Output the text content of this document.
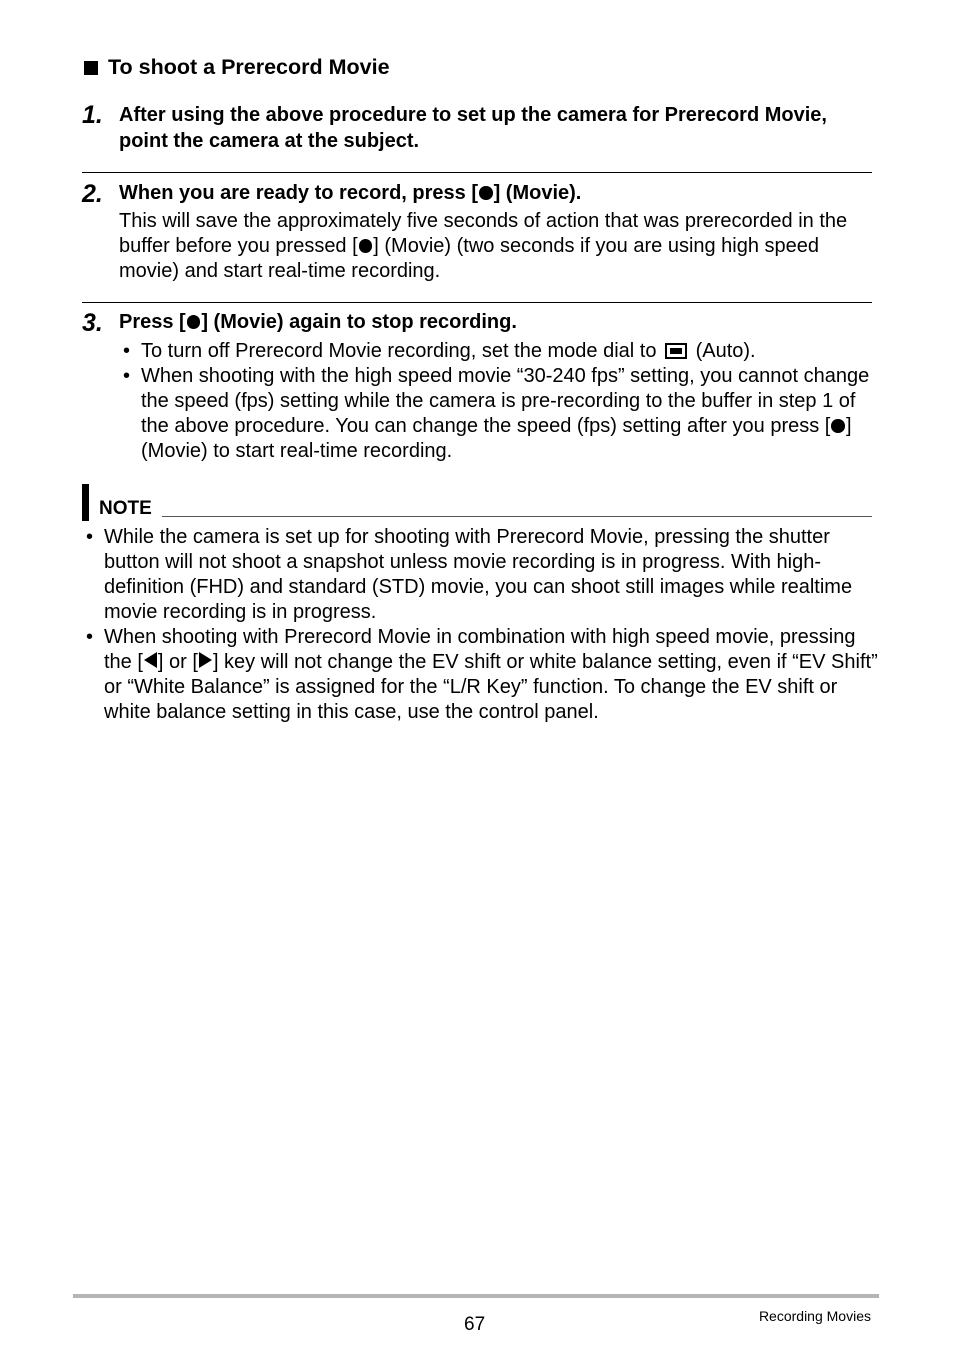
To shoot a Prerecord Movie
1. After using the above procedure to set up the camera for Prerecord Movie, point the camera at the subject.
2. When you are ready to record, press [ ] (Movie).
This will save the approximately five seconds of action that was prerecorded in the buffer before you pressed [ ] (Movie) (two seconds if you are using high speed movie) and start real-time recording.
3. Press [ ] (Movie) again to stop recording.
• To turn off Prerecord Movie recording, set the mode dial to  (Auto).
• When shooting with the high speed movie “30-240 fps” setting, you cannot change the speed (fps) setting while the camera is pre-recording to the buffer in step 1 of the above procedure. You can change the speed (fps) setting after you press [ ] (Movie) to start real-time recording.
NOTE
• While the camera is set up for shooting with Prerecord Movie, pressing the shutter button will not shoot a snapshot unless movie recording is in progress. With high-definition (FHD) and standard (STD) movie, you can shoot still images while realtime movie recording is in progress.
• When shooting with Prerecord Movie in combination with high speed movie, pressing the [ ] or [ ] key will not change the EV shift or white balance setting, even if “EV Shift” or “White Balance” is assigned for the “L/R Key” function. To change the EV shift or white balance setting in this case, use the control panel.
67	Recording Movies
